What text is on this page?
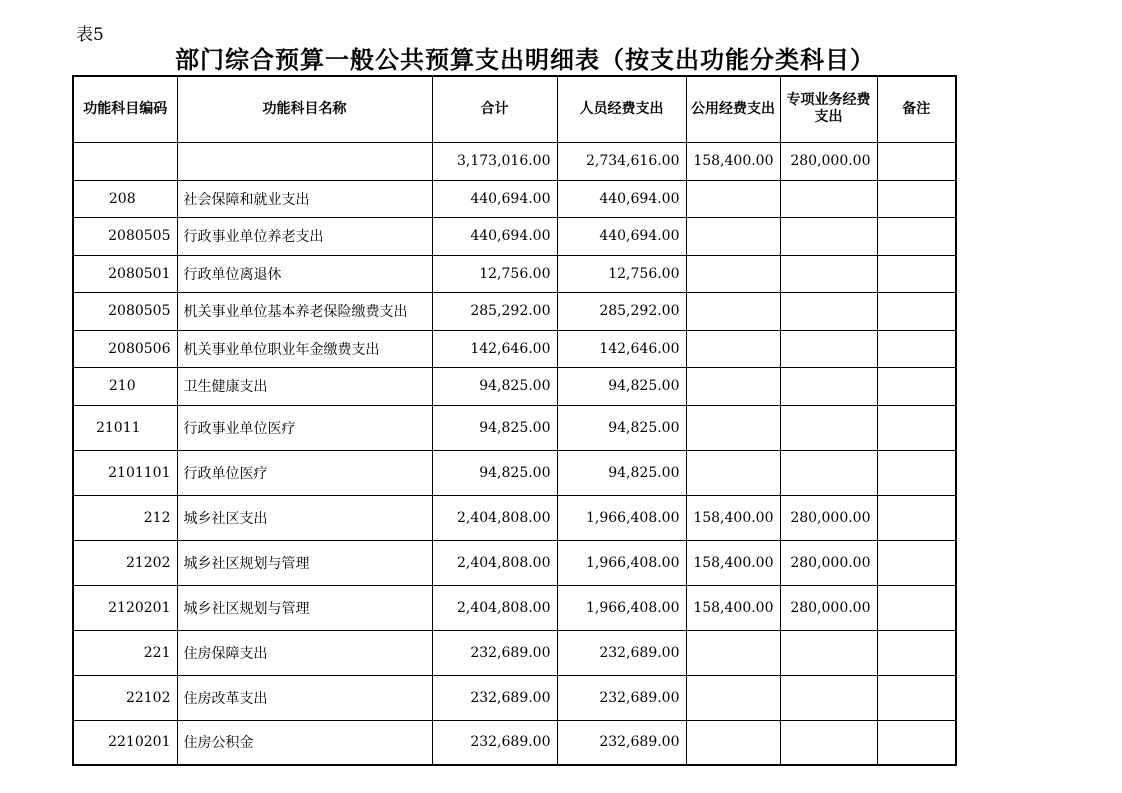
表5
部门综合预算一般公共预算支出明细表（按支出功能分类科目）
功能科目编码	功能科目名称	合计	人员经费支出	公用经费支出	专项业务经费支出	备注
		3,173,016.00	2,734,616.00	158,400.00	280,000.00	
208	社会保障和就业支出	440,694.00	440,694.00			
2080505	行政事业单位养老支出	440,694.00	440,694.00			
2080501	行政单位离退休	12,756.00	12,756.00			
2080505	机关事业单位基本养老保险缴费支出	285,292.00	285,292.00			
2080506	机关事业单位职业年金缴费支出	142,646.00	142,646.00			
210	卫生健康支出	94,825.00	94,825.00			
21011	行政事业单位医疗	94,825.00	94,825.00			
2101101	行政单位医疗	94,825.00	94,825.00			
212	城乡社区支出	2,404,808.00	1,966,408.00	158,400.00	280,000.00	
21202	城乡社区规划与管理	2,404,808.00	1,966,408.00	158,400.00	280,000.00	
2120201	城乡社区规划与管理	2,404,808.00	1,966,408.00	158,400.00	280,000.00	
221	住房保障支出	232,689.00	232,689.00			
22102	住房改革支出	232,689.00	232,689.00			
2210201	住房公积金	232,689.00	232,689.00			
